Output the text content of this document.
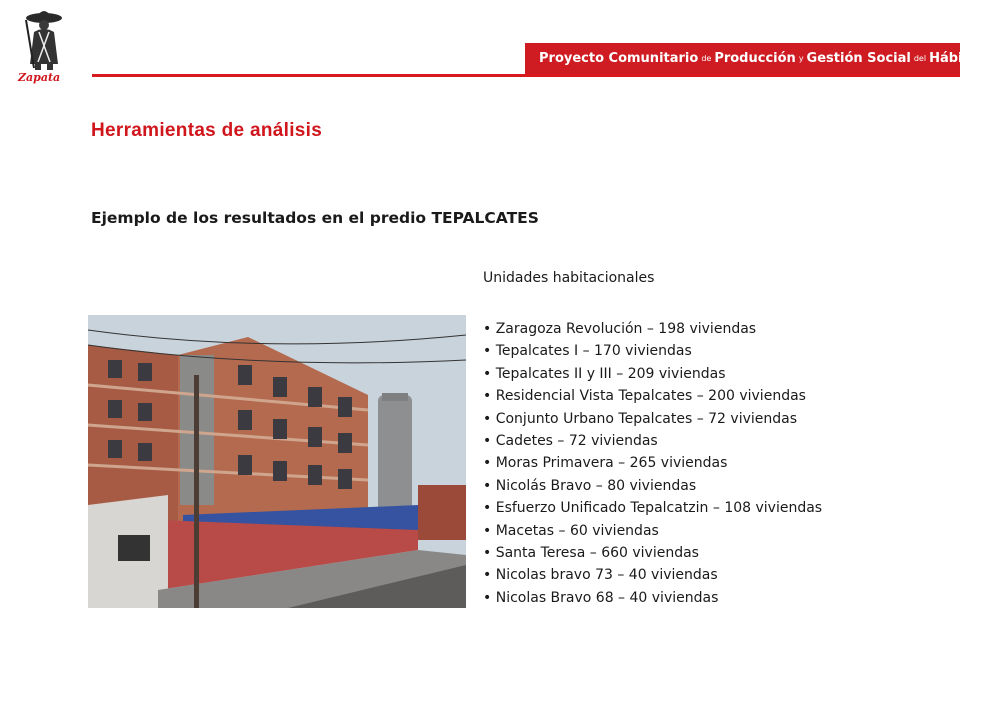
Zapata
Proyecto Comunitario de Producción y Gestión Social del Hábitat
Herramientas de análisis
Ejemplo de los resultados en el predio TEPALCATES
Unidades habitacionales
• Zaragoza Revolución – 198 viviendas
• Tepalcates I – 170 viviendas
• Tepalcates II y III – 209 viviendas
• Residencial Vista Tepalcates – 200 viviendas
• Conjunto Urbano Tepalcates – 72 viviendas
• Cadetes – 72 viviendas
• Moras Primavera – 265 viviendas
• Nicolás Bravo – 80 viviendas
• Esfuerzo Unificado Tepalcatzin – 108 viviendas
• Macetas – 60 viviendas
• Santa Teresa – 660 viviendas
• Nicolas bravo 73 – 40 viviendas
• Nicolas Bravo 68 – 40 viviendas
